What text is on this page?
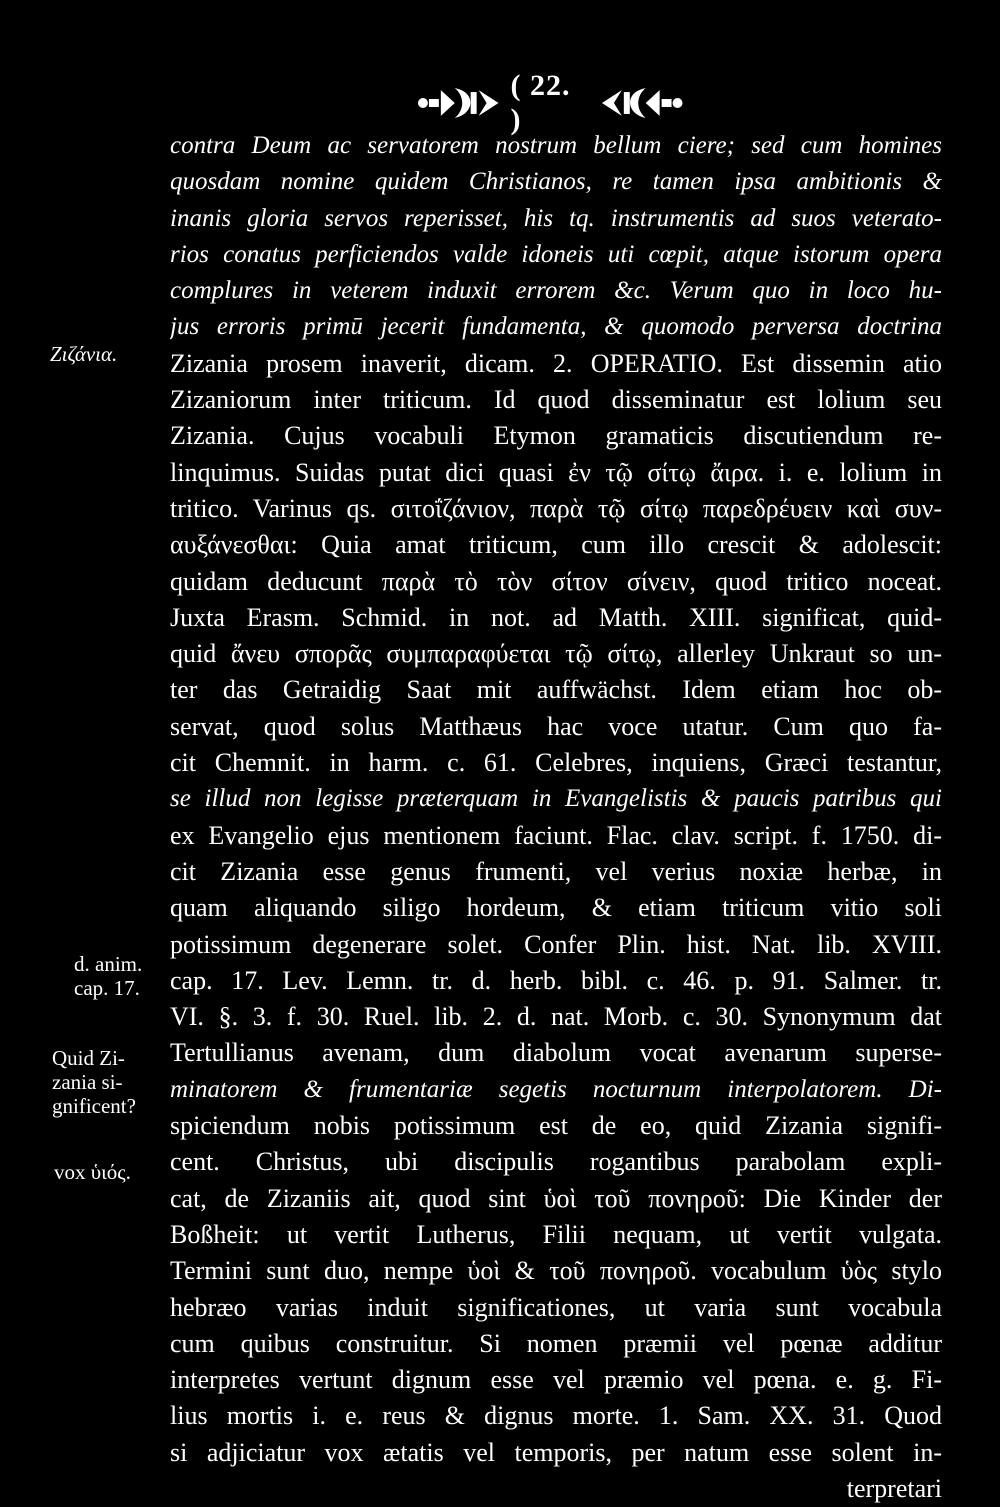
( 22. )
Ζιζάνια.
d. anim.
cap. 17.
Quid Zi-
zania si-
gnificent?
vox ὑιός.
contra Deum ac servatorem nostrum bellum ciere; sed cum homines
quosdam nomine quidem Christianos, re tamen ipsa ambitionis &
inanis gloria servos reperisset, his tq. instrumentis ad suos veterato-
rios conatus perficiendos valde idoneis uti cœpit, atque istorum opera
complures in veterem induxit errorem &c. Verum quo in loco hu-
jus erroris primū jecerit fundamenta, & quomodo perversa doctrina
Zizania prosem inaverit, dicam. 2. OPERATIO. Est dissemin atio
Zizaniorum inter triticum. Id quod disseminatur est lolium seu
Zizania. Cujus vocabuli Etymon gramaticis discutiendum re-
linquimus. Suidas putat dici quasi ἐν τῷ σίτῳ ἄιρα. i. e. lolium in
tritico. Varinus qs. σιτοΐζάνιον, παρὰ τῷ σίτῳ παρεδρέυειν καὶ συν-
αυξάνεσθαι: Quia amat triticum, cum illo crescit & adolescit:
quidam deducunt παρὰ τὸ τὸν σίτον σίνειν, quod tritico noceat.
Juxta Erasm. Schmid. in not. ad Matth. XIII. significat, quid-
quid ἄνευ σπορᾶς συμπαραφύεται τῷ σίτῳ, allerley Unkraut so un-
ter das Getraidig Saat mit auffwächst. Idem etiam hoc ob-
servat, quod solus Matthæus hac voce utatur. Cum quo fa-
cit Chemnit. in harm. c. 61. Celebres, inquiens, Græci testantur,
se illud non legisse præterquam in Evangelistis & paucis patribus qui
ex Evangelio ejus mentionem faciunt. Flac. clav. script. f. 1750. di-
cit Zizania esse genus frumenti, vel verius noxiæ herbæ, in
quam aliquando siligo hordeum, & etiam triticum vitio soli
potissimum degenerare solet. Confer Plin. hist. Nat. lib. XVIII.
cap. 17. Lev. Lemn. tr. d. herb. bibl. c. 46. p. 91. Salmer. tr.
VI. §. 3. f. 30. Ruel. lib. 2. d. nat. Morb. c. 30. Synonymum dat
Tertullianus avenam, dum diabolum vocat avenarum superse-
minatorem & frumentariæ segetis nocturnum interpolatorem. Di-
spiciendum nobis potissimum est de eo, quid Zizania signifi-
cent. Christus, ubi discipulis rogantibus parabolam expli-
cat, de Zizaniis ait, quod sint ὑοὶ τοῦ πονηροῦ: Die Kinder der
Boßheit: ut vertit Lutherus, Filii nequam, ut vertit vulgata.
Termini sunt duo, nempe ὑοὶ & τοῦ πονηροῦ. vocabulum ὑὸς stylo
hebræo varias induit significationes, ut varia sunt vocabula
cum quibus construitur. Si nomen præmii vel pœnæ additur
interpretes vertunt dignum esse vel præmio vel pœna. e. g. Fi-
lius mortis i. e. reus & dignus morte. 1. Sam. XX. 31. Quod
si adjiciatur vox ætatis vel temporis, per natum esse solent in-
terpretari
